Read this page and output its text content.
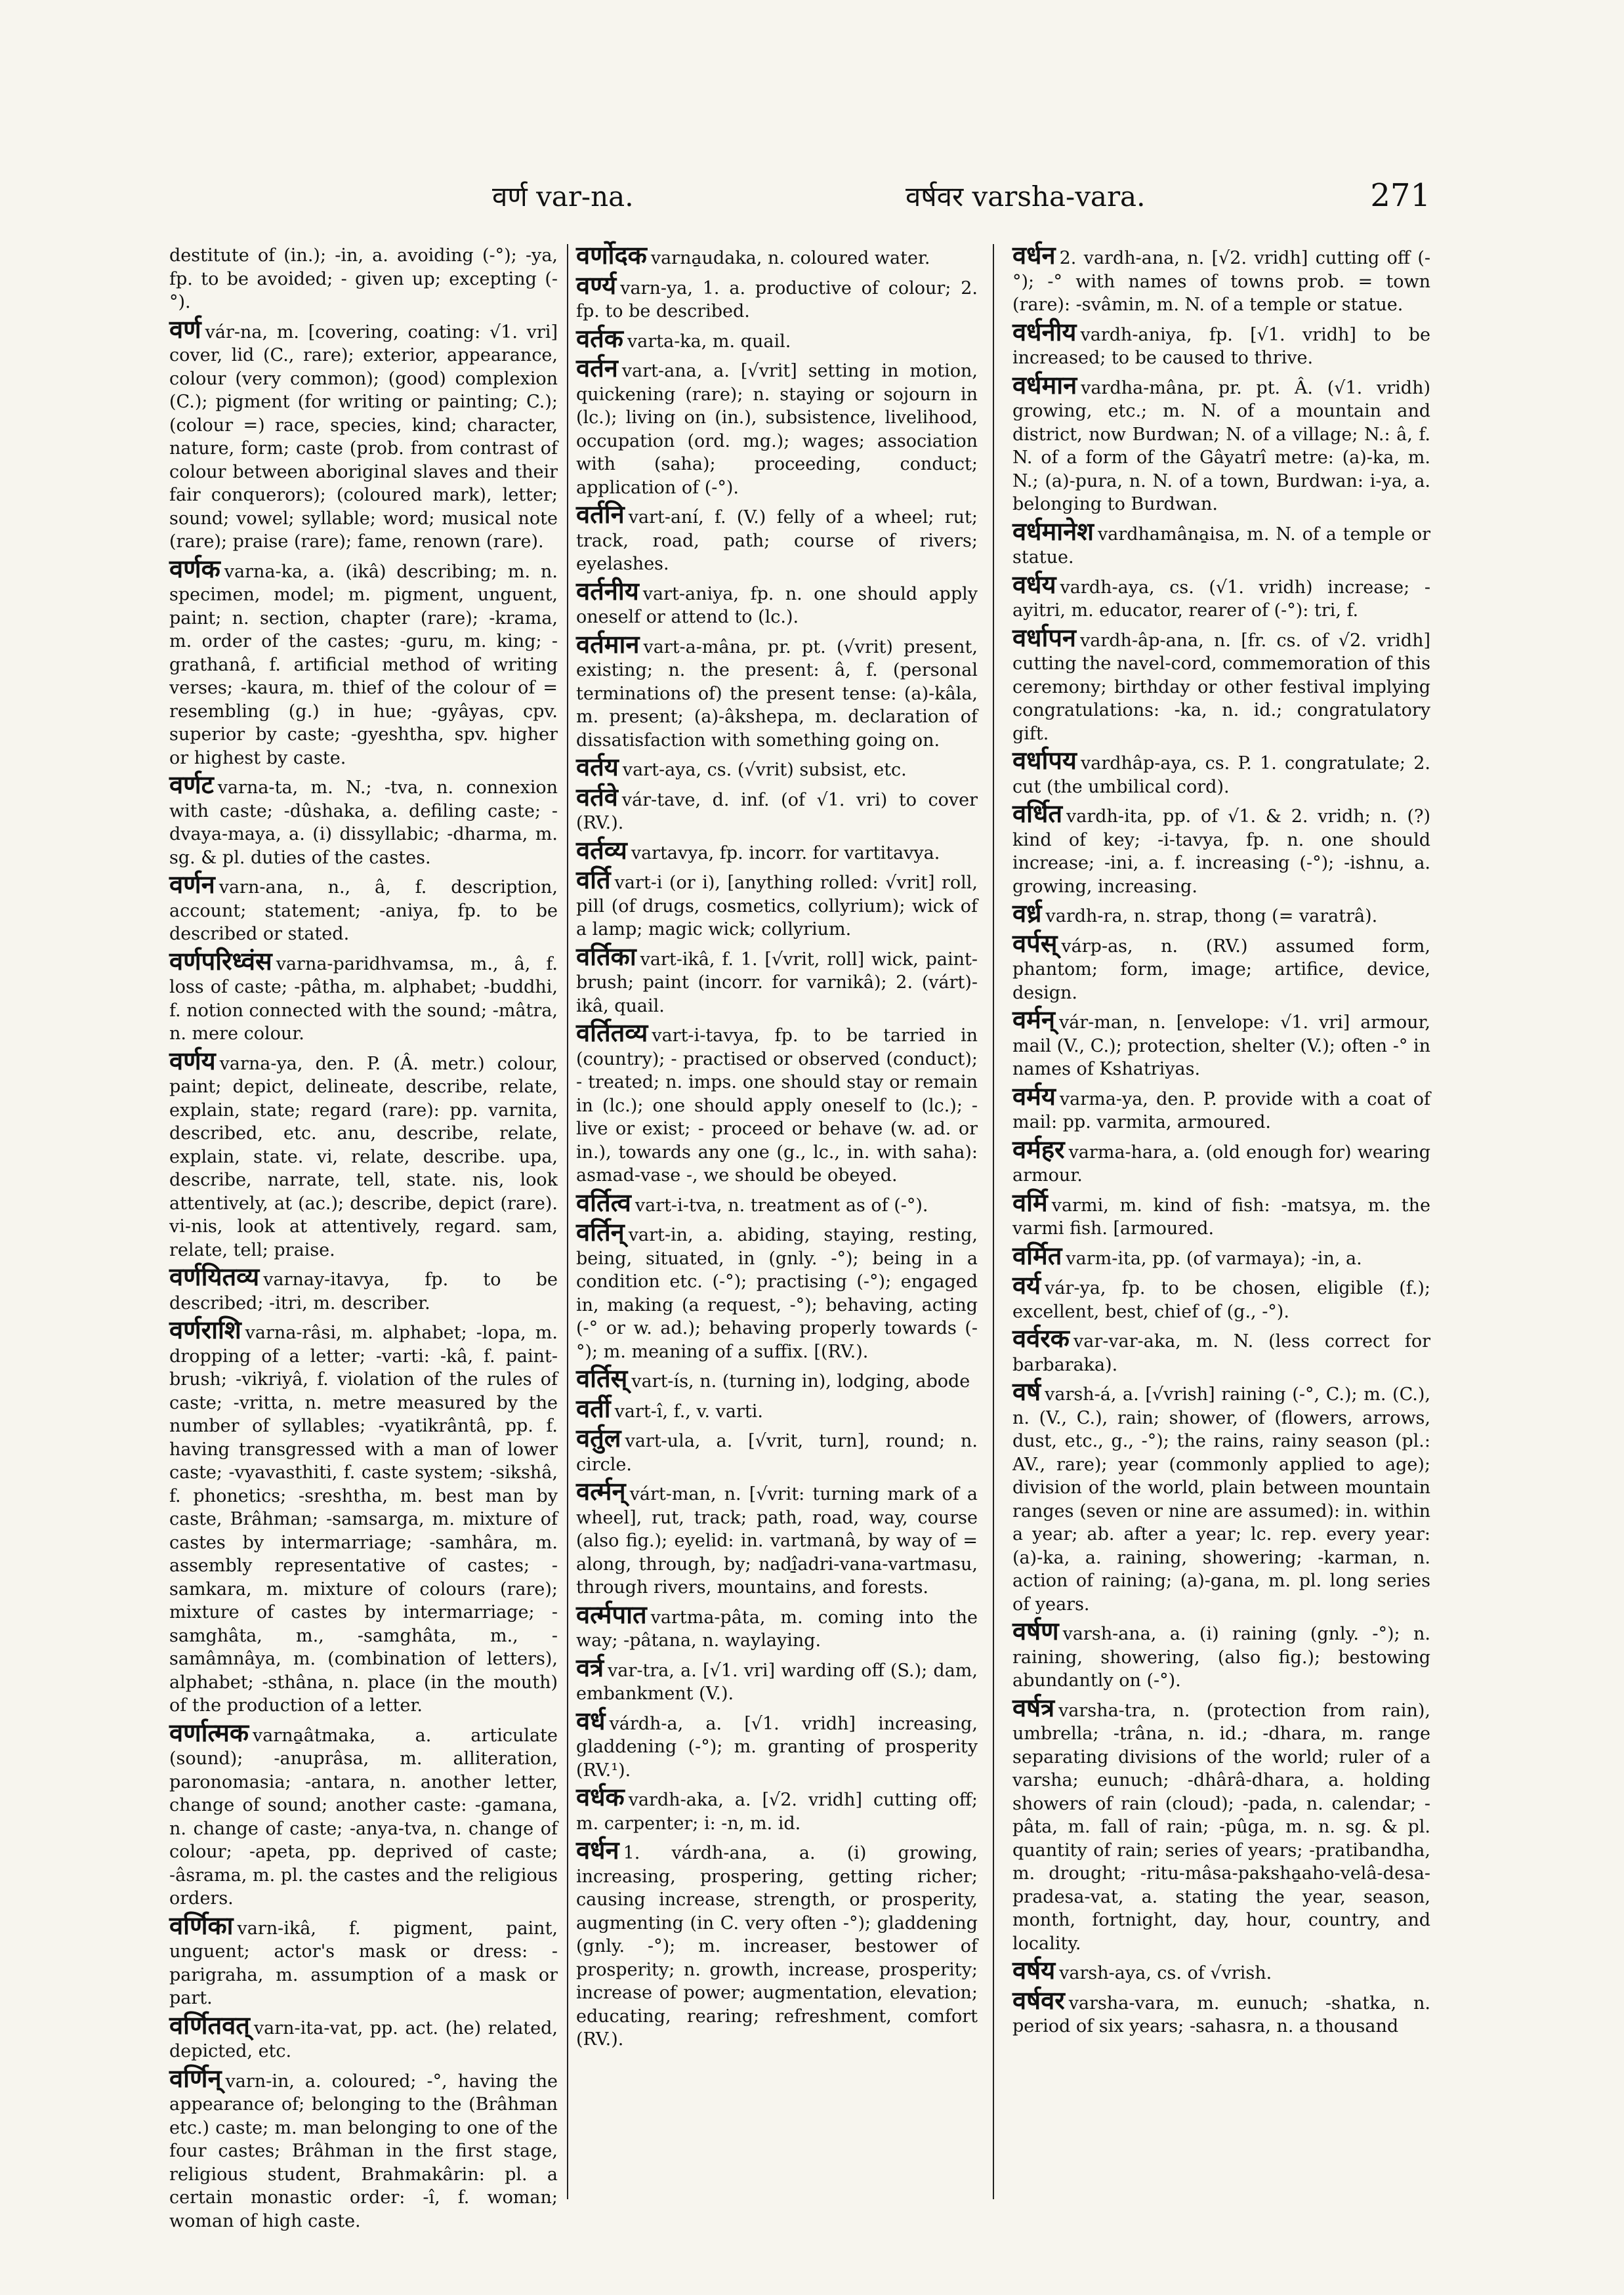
वर्ण var-na.	वर्षवर varsha-vara.	271
destitute of (in.); -in, a. avoiding (-°); -ya, fp. to be avoided; - given up; excepting (-°).
वर्ण vár-na, m. [covering, coating: √1. vri] cover, lid (C., rare); exterior, appearance, colour (very common); (good) complexion (C.); pigment (for writing or painting; C.); (colour =) race, species, kind; character, nature, form; caste (prob. from contrast of colour between aboriginal slaves and their fair conquerors); (coloured mark), letter; sound; vowel; syllable; word; musical note (rare); praise (rare); fame, renown (rare).
वर्णक varna-ka, a. (ikâ) describing; m. n. specimen, model; m. pigment, unguent, paint; n. section, chapter (rare); -krama, m. order of the castes; -guru, m. king; -grathanâ, f. artificial method of writing verses; -kaura, m. thief of the colour of = resembling (g.) in hue; -gyâyas, cpv. superior by caste; -gyeshtha, spv. higher or highest by caste.
वर्णट varna-ta, m. N.; -tva, n. connexion with caste; -dûshaka, a. defiling caste; -dvaya-maya, a. (i) dissyllabic; -dharma, m. sg. & pl. duties of the castes.
वर्णन varn-ana, n., â, f. description, account; statement; -aniya, fp. to be described or stated.
वर्णपरिध्वंस varna-paridhvamsa, m., â, f. loss of caste; -pâtha, m. alphabet; -buddhi, f. notion connected with the sound; -mâtra, n. mere colour.
वर्णय varna-ya, den. P. (Â. metr.) colour, paint; depict, delineate, describe, relate, explain, state; regard (rare): pp. varnita, described, etc. anu, describe, relate, explain, state. vi, relate, describe. upa, describe, narrate, tell, state. nis, look attentively, at (ac.); describe, depict (rare). vi-nis, look at attentively, regard. sam, relate, tell; praise.
वर्णयितव्य varnay-itavya, fp. to be described; -itri, m. describer.
वर्णराशि varna-râsi, m. alphabet; -lopa, m. dropping of a letter; -varti: -kâ, f. paint-brush; -vikriyâ, f. violation of the rules of caste; -vritta, n. metre measured by the number of syllables; -vyatikrântâ, pp. f. having transgressed with a man of lower caste; -vyavasthiti, f. caste system; -sikshâ, f. phonetics; -sreshtha, m. best man by caste, Brâhman; -samsarga, m. mixture of castes by intermarriage; -samhâra, m. assembly representative of castes; -samkara, m. mixture of colours (rare); mixture of castes by intermarriage; -samghâta, m., -samghâta, m., -samâmnâya, m. (combination of letters), alphabet; -sthâna, n. place (in the mouth) of the production of a letter.
वर्णात्मक varna̱âtmaka, a. articulate (sound); -anuprâsa, m. alliteration, paronomasia; -antara, n. another letter, change of sound; another caste: -gamana, n. change of caste; -anya-tva, n. change of colour; -apeta, pp. deprived of caste; -âsrama, m. pl. the castes and the religious orders.
वर्णिका varn-ikâ, f. pigment, paint, unguent; actor's mask or dress: -parigraha, m. assumption of a mask or part.
वर्णितवत् varn-ita-vat, pp. act. (he) related, depicted, etc.
वर्णिन् varn-in, a. coloured; -°, having the appearance of; belonging to the (Brâhman etc.) caste; m. man belonging to one of the four castes; Brâhman in the first stage, religious student, Brahmakârin: pl. a certain monastic order: -î, f. woman; woman of high caste.
वर्णोदक varna̱udaka, n. coloured water.
वर्ण्य varn-ya, 1. a. productive of colour; 2. fp. to be described.
वर्तक varta-ka, m. quail.
वर्तन vart-ana, a. [√vrit] setting in motion, quickening (rare); n. staying or sojourn in (lc.); living on (in.), subsistence, livelihood, occupation (ord. mg.); wages; association with (saha); proceeding, conduct; application of (-°).
वर्तनि vart-aní, f. (V.) felly of a wheel; rut; track, road, path; course of rivers; eyelashes.
वर्तनीय vart-aniya, fp. n. one should apply oneself or attend to (lc.).
वर्तमान vart-a-mâna, pr. pt. (√vrit) present, existing; n. the present: â, f. (personal terminations of) the present tense: (a)-kâla, m. present; (a)-âkshepa, m. declaration of dissatisfaction with something going on.
वर्तय vart-aya, cs. (√vrit) subsist, etc.
वर्तवे vár-tave, d. inf. (of √1. vri) to cover (RV.).
वर्तव्य vartavya, fp. incorr. for vartitavya.
वर्ति vart-i (or i), [anything rolled: √vrit] roll, pill (of drugs, cosmetics, collyrium); wick of a lamp; magic wick; collyrium.
वर्तिका vart-ikâ, f. 1. [√vrit, roll] wick, paint-brush; paint (incorr. for varnikâ); 2. (várt)-ikâ, quail.
वर्तितव्य vart-i-tavya, fp. to be tarried in (country); - practised or observed (conduct); - treated; n. imps. one should stay or remain in (lc.); one should apply oneself to (lc.); - live or exist; - proceed or behave (w. ad. or in.), towards any one (g., lc., in. with saha): asmad-vase -, we should be obeyed.
वर्तित्व vart-i-tva, n. treatment as of (-°).
वर्तिन् vart-in, a. abiding, staying, resting, being, situated, in (gnly. -°); being in a condition etc. (-°); practising (-°); engaged in, making (a request, -°); behaving, acting (-° or w. ad.); behaving properly towards (-°); m. meaning of a suffix. [(RV.).
वर्तिस् vart-ís, n. (turning in), lodging, abode
वर्ती vart-î, f., v. varti.
वर्तुल vart-ula, a. [√vrit, turn], round; n. circle.
वर्त्मन् várt-man, n. [√vrit: turning mark of a wheel], rut, track; path, road, way, course (also fig.); eyelid: in. vartmanâ, by way of = along, through, by; nadî̱adri-vana-vartmasu, through rivers, mountains, and forests.
वर्त्मपात vartma-pâta, m. coming into the way; -pâtana, n. waylaying.
वर्त्र var-tra, a. [√1. vri] warding off (S.); dam, embankment (V.).
वर्ध várdh-a, a. [√1. vridh] increasing, gladdening (-°); m. granting of prosperity (RV.¹).
वर्धक vardh-aka, a. [√2. vridh] cutting off; m. carpenter; i: -n, m. id.
वर्धन 1. várdh-ana, a. (i) growing, increasing, prospering, getting richer; causing increase, strength, or prosperity, augmenting (in C. very often -°); gladdening (gnly. -°); m. increaser, bestower of prosperity; n. growth, increase, prosperity; increase of power; augmentation, elevation; educating, rearing; refreshment, comfort (RV.).
वर्धन 2. vardh-ana, n. [√2. vridh] cutting off (-°); -° with names of towns prob. = town (rare): -svâmin, m. N. of a temple or statue.
वर्धनीय vardh-aniya, fp. [√1. vridh] to be increased; to be caused to thrive.
वर्धमान vardha-mâna, pr. pt. Â. (√1. vridh) growing, etc.; m. N. of a mountain and district, now Burdwan; N. of a village; N.: â, f. N. of a form of the Gâyatrî metre: (a)-ka, m. N.; (a)-pura, n. N. of a town, Burdwan: i-ya, a. belonging to Burdwan.
वर्धमानेश vardhamâna̱isa, m. N. of a temple or statue.
वर्धय vardh-aya, cs. (√1. vridh) increase; -ayitri, m. educator, rearer of (-°): tri, f.
वर्धापन vardh-âp-ana, n. [fr. cs. of √2. vridh] cutting the navel-cord, commemoration of this ceremony; birthday or other festival implying congratulations: -ka, n. id.; congratulatory gift.
वर्धापय vardhâp-aya, cs. P. 1. congratulate; 2. cut (the umbilical cord).
वर्धित vardh-ita, pp. of √1. & 2. vridh; n. (?) kind of key; -i-tavya, fp. n. one should increase; -ini, a. f. increasing (-°); -ishnu, a. growing, increasing.
वर्ध्र vardh-ra, n. strap, thong (= varatrâ).
वर्पस् várp-as, n. (RV.) assumed form, phantom; form, image; artifice, device, design.
वर्मन् vár-man, n. [envelope: √1. vri] armour, mail (V., C.); protection, shelter (V.); often -° in names of Kshatriyas.
वर्मय varma-ya, den. P. provide with a coat of mail: pp. varmita, armoured.
वर्महर varma-hara, a. (old enough for) wearing armour.
वर्मि varmi, m. kind of fish: -matsya, m. the varmi fish. [armoured.
वर्मित varm-ita, pp. (of varmaya); -in, a.
वर्य vár-ya, fp. to be chosen, eligible (f.); excellent, best, chief of (g., -°).
वर्वरक var-var-aka, m. N. (less correct for barbaraka).
वर्ष varsh-á, a. [√vrish] raining (-°, C.); m. (C.), n. (V., C.), rain; shower, of (flowers, arrows, dust, etc., g., -°); the rains, rainy season (pl.: AV., rare); year (commonly applied to age); division of the world, plain between mountain ranges (seven or nine are assumed): in. within a year; ab. after a year; lc. rep. every year: (a)-ka, a. raining, showering; -karman, n. action of raining; (a)-gana, m. pl. long series of years.
वर्षण varsh-ana, a. (i) raining (gnly. -°); n. raining, showering, (also fig.); bestowing abundantly on (-°).
वर्षत्र varsha-tra, n. (protection from rain), umbrella; -trâna, n. id.; -dhara, m. range separating divisions of the world; ruler of a varsha; eunuch; -dhârâ-dhara, a. holding showers of rain (cloud); -pada, n. calendar; -pâta, m. fall of rain; -pûga, m. n. sg. & pl. quantity of rain; series of years; -pratibandha, m. drought; -ritu-mâsa-paksha̱aho-velâ-desa-pradesa-vat, a. stating the year, season, month, fortnight, day, hour, country, and locality.
वर्षय varsh-aya, cs. of √vrish.
वर्षवर varsha-vara, m. eunuch; -shatka, n. period of six years; -sahasra, n. a thousand
